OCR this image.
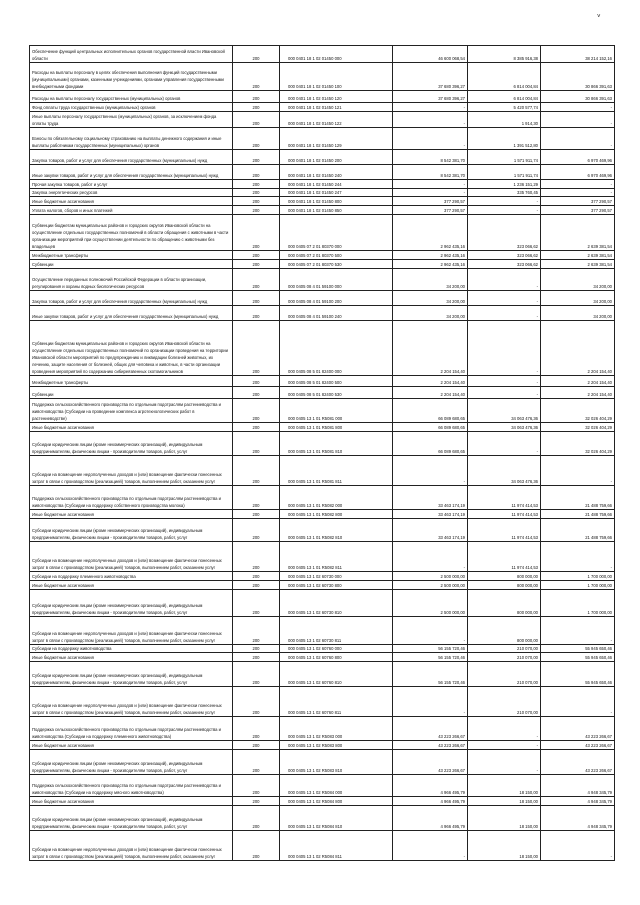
˅
Обеспечение функций центральных исполнительных органов государственной власти Ивановской области	200	000 0401 18 1 02 01450 000	46 600 068,54	8 385 916,38	38 214 152,16
Расходы на выплаты персоналу в целях обеспечения выполнения функций государственными (муниципальными) органами, казенными учреждениями, органами управления государственными внебюджетными фондами	200	000 0401 18 1 02 01450 100	37 680 396,27	6 814 004,84	30 866 391,63
Расходы на выплаты персоналу государственных (муниципальных) органов	200	000 0401 18 1 02 01450 120	37 680 396,27	6 814 004,84	30 866 391,63
Фонд оплаты труда государственных (муниципальных) органов	200	000 0401 18 1 02 01450 121	-	5 420 577,74	-
Иные выплаты персоналу государственных (муниципальных) органов, за исключением фонда оплаты труда	200	000 0401 18 1 02 01450 122	-	1 914,30	-
Взносы по обязательному социальному страхованию на выплаты денежного содержания и иные выплаты работникам государственных (муниципальных) органов	200	000 0401 18 1 02 01450 129	-	1 391 512,80	-
Закупка товаров, работ и услуг для обеспечения государственных (муниципальных) нужд	200	000 0401 18 1 02 01450 200	8 542 381,70	1 571 911,74	6 970 469,96
Иные закупки товаров, работ и услуг для обеспечения государственных (муниципальных) нужд	200	000 0401 18 1 02 01450 240	8 542 381,70	1 571 911,74	6 970 469,96
Прочая закупка товаров, работ и услуг	200	000 0401 18 1 02 01450 244	-	1 236 151,29	-
Закупка энергетических ресурсов	200	000 0401 18 1 02 01450 247	-	335 760,45	-
Иные бюджетные ассигнования	200	000 0401 18 1 02 01450 800	377 290,57	-	377 290,57
Уплата налогов, сборов и иных платежей	200	000 0401 18 1 02 01450 850	377 290,57	-	377 290,57
Субвенции бюджетам муниципальных районов и городских округов Ивановской области на осуществление отдельных государственных полномочий в области обращения с животными в части организации мероприятий при осуществлении деятельности по обращению с животными без владельцев	200	000 0405 07 2 01 80370 000	2 962 435,16	323 066,62	2 639 381,54
Межбюджетные трансферты	200	000 0405 07 2 01 80370 500	2 962 435,16	323 066,62	2 639 381,54
Субвенции	200	000 0405 07 2 01 80370 530	2 962 435,16	323 066,62	2 639 381,54
Осуществление переданных полномочий Российской Федерации в области организации, регулирования и охраны водных биологических ресурсов	200	000 0405 08 4 01 59100 000	34 200,00	-	34 200,00
Закупка товаров, работ и услуг для обеспечения государственных (муниципальных) нужд	200	000 0405 08 4 01 59100 200	34 200,00	-	34 200,00
Иные закупки товаров, работ и услуг для обеспечения государственных (муниципальных) нужд	200	000 0405 08 4 01 59100 240	34 200,00	-	34 200,00
Субвенции бюджетам муниципальных районов и городских округов Ивановской области на осуществление отдельных государственных полномочий по организации проведения на территории Ивановской области мероприятий по предупреждению и ликвидации болезней животных, их лечению, защите населения от болезней, общих для человека и животных, в части организации проведения мероприятий по содержанию сибиреязвенных скотомогильников	200	000 0405 08 5 01 82400 000	2 204 154,40	-	2 204 154,40
Межбюджетные трансферты	200	000 0405 08 5 01 82400 500	2 204 154,40	-	2 204 154,40
Субвенции	200	000 0405 08 5 01 82400 530	2 204 154,40	-	2 204 154,40
Поддержка сельскохозяйственного производства по отдельным подотраслям растениеводства и животноводства (Субсидии на проведение комплекса агротехнологических работ в растениеводстве)	200	000 0405 13 1 01 R5081 000	66 089 680,65	34 063 476,36	32 026 404,29
Иные бюджетные ассигнования	200	000 0405 13 1 01 R5081 800	66 089 680,65	34 063 476,36	32 026 404,29
Субсидии юридическим лицам (кроме некоммерческих организаций), индивидуальным предпринимателям, физическим лицам - производителям товаров, работ, услуг	200	000 0405 13 1 01 R5081 810	66 089 680,65	-	32 026 404,29
Субсидии на возмещение недополученных доходов и (или) возмещение фактически понесенных затрат в связи с производством (реализацией) товаров, выполнением работ, оказанием услуг	200	000 0405 13 1 01 R5081 811	-	34 063 476,36	-
Поддержка сельскохозяйственного производства по отдельным подотраслям растениеводства и животноводства (Субсидии на поддержку собственного производства молока)	200	000 0405 13 1 01 R5082 000	33 463 174,19	11 974 414,53	21 488 759,66
Иные бюджетные ассигнования	200	000 0405 13 1 01 R5082 800	33 463 174,19	11 974 414,53	21 488 759,66
Субсидии юридическим лицам (кроме некоммерческих организаций), индивидуальным предпринимателям, физическим лицам - производителям товаров, работ, услуг	200	000 0405 13 1 01 R5082 810	33 463 174,19	11 974 414,53	21 488 759,66
Субсидии на возмещение недополученных доходов и (или) возмещение фактически понесенных затрат в связи с производством (реализацией) товаров, выполнением работ, оказанием услуг	200	000 0405 13 1 01 R5082 811	-	11 974 414,53	-
Субсидии на поддержку племенного животноводства	200	000 0405 13 1 02 60730 000	2 500 000,00	800 000,00	1 700 000,00
Иные бюджетные ассигнования	200	000 0405 13 1 02 60730 800	2 500 000,00	800 000,00	1 700 000,00
Субсидии юридическим лицам (кроме некоммерческих организаций), индивидуальным предпринимателям, физическим лицам - производителям товаров, работ, услуг	200	000 0405 13 1 02 60730 810	2 500 000,00	800 000,00	1 700 000,00
Субсидии на возмещение недополученных доходов и (или) возмещение фактически понесенных затрат в связи с производством (реализацией) товаров, выполнением работ, оказанием услуг	200	000 0405 13 1 02 60730 811	-	800 000,00	-
Субсидии на поддержку животноводства	200	000 0405 13 1 02 60760 000	56 155 720,46	210 070,00	55 945 650,46
Иные бюджетные ассигнования	200	000 0405 13 1 02 60760 800	56 155 720,46	210 070,00	55 945 650,46
Субсидии юридическим лицам (кроме некоммерческих организаций), индивидуальным предпринимателям, физическим лицам - производителям товаров, работ, услуг	200	000 0405 13 1 02 60760 810	56 155 720,46	210 070,00	55 945 650,46
Субсидии на возмещение недополученных доходов и (или) возмещение фактически понесенных затрат в связи с производством (реализацией) товаров, выполнением работ, оказанием услуг	200	000 0405 13 1 02 60760 811	-	210 070,00	-
Поддержка сельскохозяйственного производства по отдельным подотраслям растениеводства и животноводства (Субсидии на поддержку племенного животноводства)	200	000 0405 13 1 02 R5083 000	43 223 266,67	-	43 223 266,67
Иные бюджетные ассигнования	200	000 0405 13 1 02 R5083 800	43 223 266,67	-	43 223 266,67
Субсидии юридическим лицам (кроме некоммерческих организаций), индивидуальным предпринимателям, физическим лицам - производителям товаров, работ, услуг	200	000 0405 13 1 02 R5083 810	43 223 266,67	-	43 223 266,67
Поддержка сельскохозяйственного производства по отдельным подотраслям растениеводства и животноводства (Субсидии на поддержку мясного животноводства)	200	000 0405 13 1 02 R5084 000	4 966 495,79	18 150,00	4 948 345,79
Иные бюджетные ассигнования	200	000 0405 13 1 02 R5084 800	4 966 495,79	18 150,00	4 948 345,79
Субсидии юридическим лицам (кроме некоммерческих организаций), индивидуальным предпринимателям, физическим лицам - производителям товаров, работ, услуг	200	000 0405 13 1 02 R5084 810	4 966 495,79	18 150,00	4 948 345,79
Субсидии на возмещение недополученных доходов и (или) возмещение фактически понесенных затрат в связи с производством (реализацией) товаров, выполнением работ, оказанием услуг	200	000 0405 13 1 02 R5084 811	-	18 150,00	-
